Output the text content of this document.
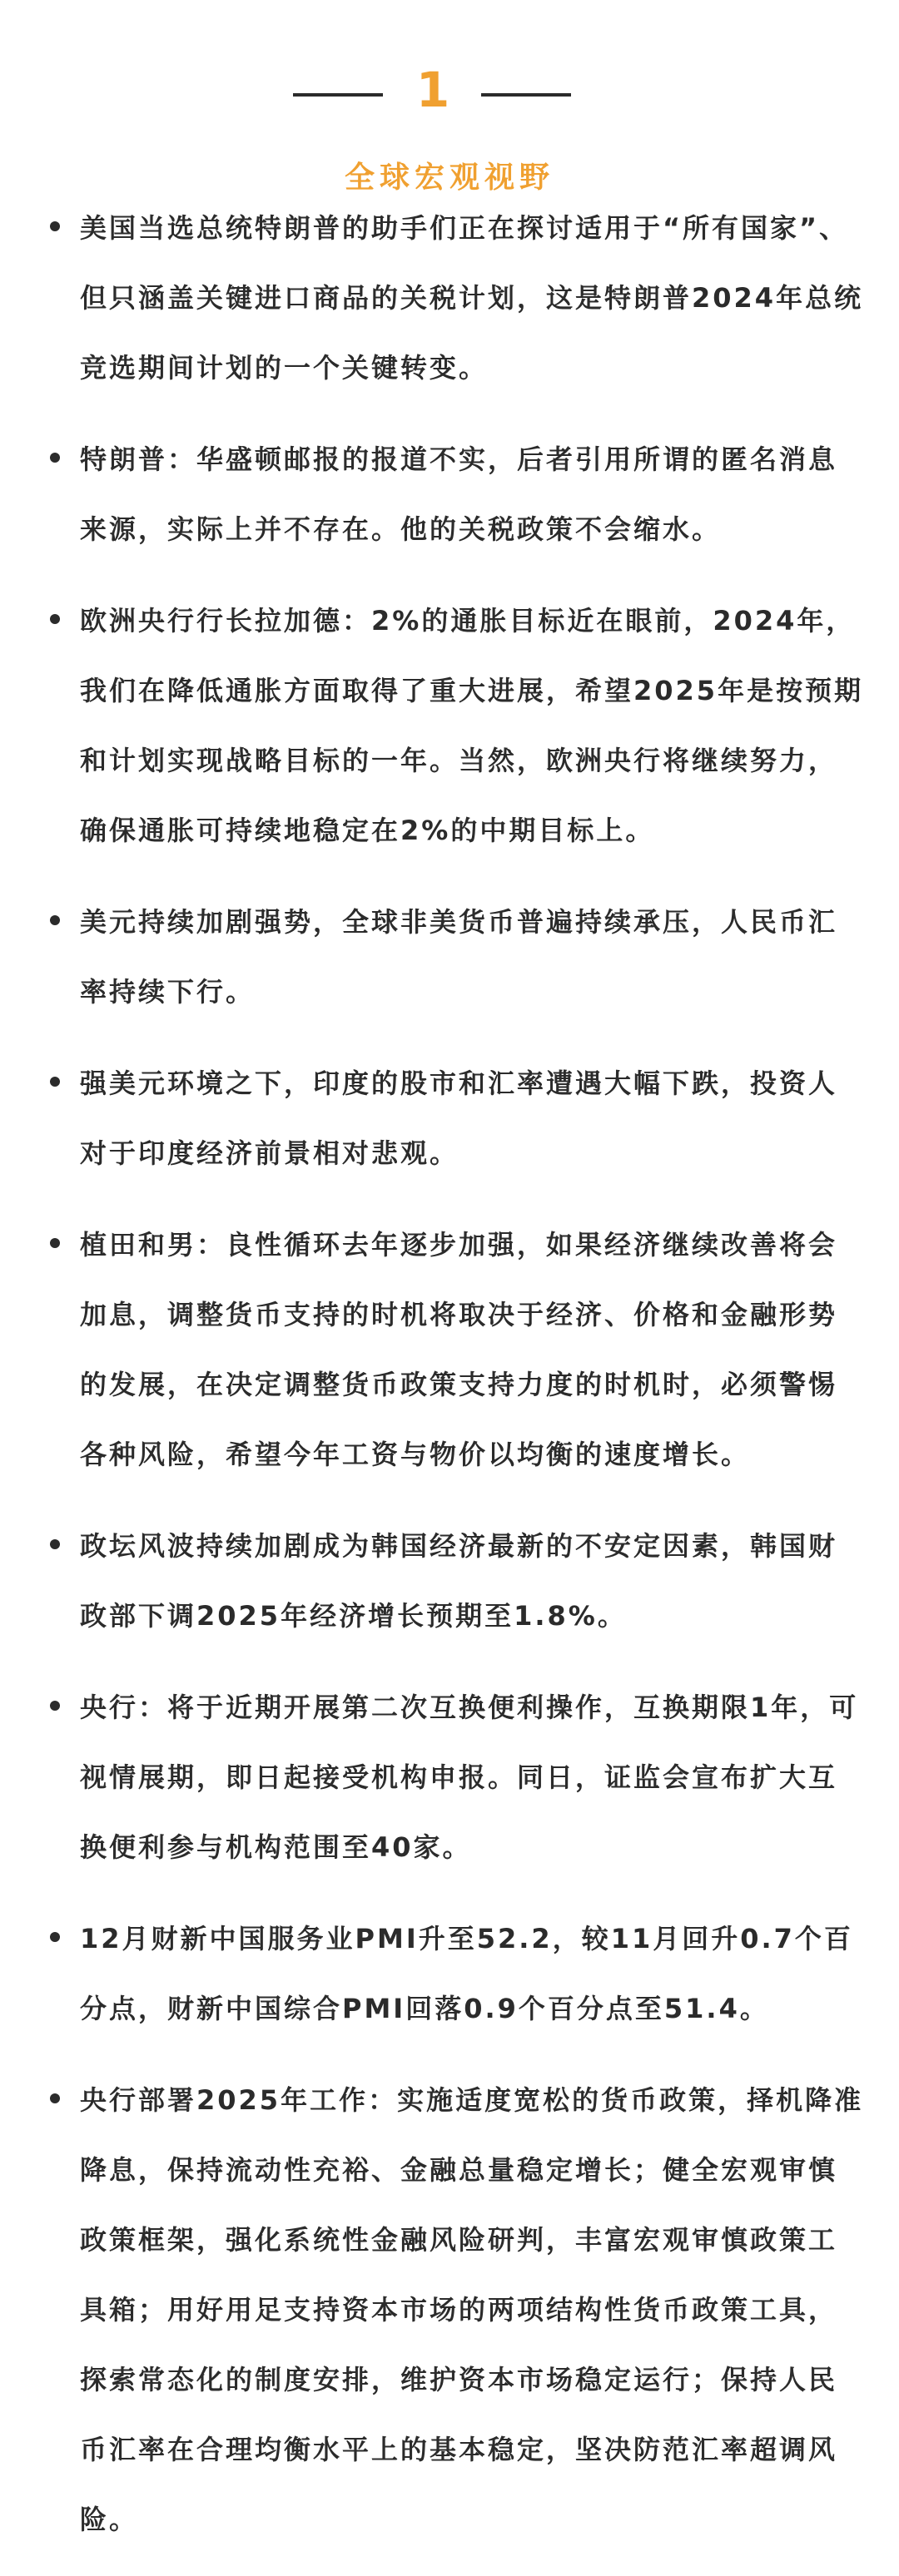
1
全球宏观视野
美国当选总统特朗普的助手们正在探讨适用于“所有国家”、但只涵盖关键进口商品的关税计划，这是特朗普2024年总统竞选期间计划的一个关键转变。
特朗普：华盛顿邮报的报道不实，后者引用所谓的匿名消息来源，实际上并不存在。他的关税政策不会缩水。
欧洲央行行长拉加德：2%的通胀目标近在眼前，2024年，我们在降低通胀方面取得了重大进展，希望2025年是按预期和计划实现战略目标的一年。当然，欧洲央行将继续努力，确保通胀可持续地稳定在2%的中期目标上。
美元持续加剧强势，全球非美货币普遍持续承压，人民币汇率持续下行。
强美元环境之下，印度的股市和汇率遭遇大幅下跌，投资人对于印度经济前景相对悲观。
植田和男：良性循环去年逐步加强，如果经济继续改善将会加息，调整货币支持的时机将取决于经济、价格和金融形势的发展，在决定调整货币政策支持力度的时机时，必须警惕各种风险，希望今年工资与物价以均衡的速度增长。
政坛风波持续加剧成为韩国经济最新的不安定因素，韩国财政部下调2025年经济增长预期至1.8%。
央行：将于近期开展第二次互换便利操作，互换期限1年，可视情展期，即日起接受机构申报。同日，证监会宣布扩大互换便利参与机构范围至40家。
12月财新中国服务业PMI升至52.2，较11月回升0.7个百分点，财新中国综合PMI回落0.9个百分点至51.4。
央行部署2025年工作：实施适度宽松的货币政策，择机降准降息，保持流动性充裕、金融总量稳定增长；健全宏观审慎政策框架，强化系统性金融风险研判，丰富宏观审慎政策工具箱；用好用足支持资本市场的两项结构性货币政策工具，探索常态化的制度安排，维护资本市场稳定运行；保持人民币汇率在合理均衡水平上的基本稳定，坚决防范汇率超调风险。
